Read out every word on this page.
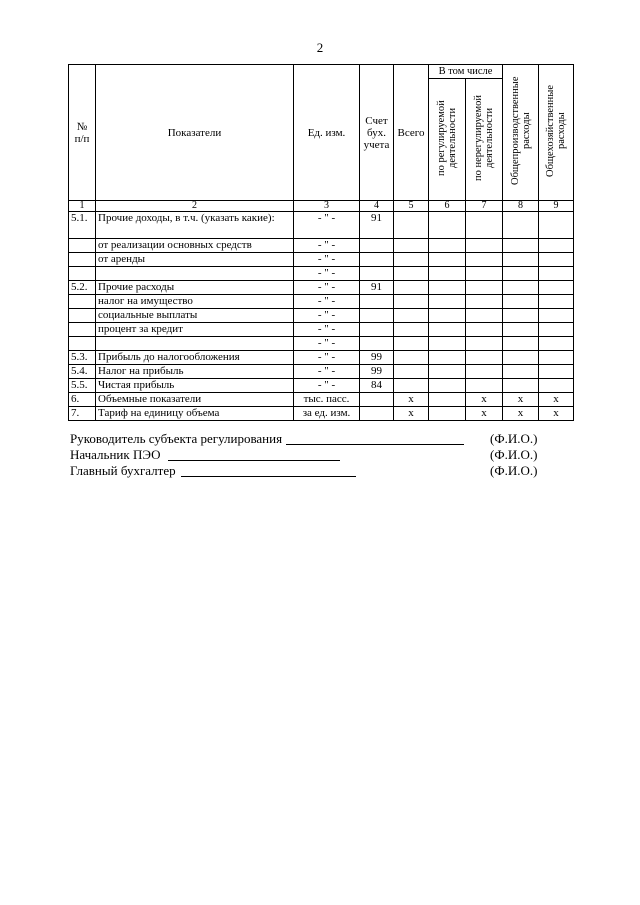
2
№ п/п	Показатели	Ед. изм.	Счет бух. учета	Всего	В том числе		Общепроизводственные расходы	Общехозяйственные расходы
					по регулируемой деятельности	по нерегулируемой деятельности		
1	2	3	4	5	6	7	8	9
5.1.	Прочие доходы, в т.ч. (указать какие):	- " -	91					
	от реализации основных средств	- " -						
	от аренды	- " -						
		- " -						
5.2.	Прочие расходы	- " -	91					
	налог на имущество	- " -						
	социальные выплаты	- " -						
	процент за кредит	- " -						
		- " -						
5.3.	Прибыль до налогообложения	- " -	99					
5.4.	Налог на прибыль	- " -	99					
5.5.	Чистая прибыль	- " -	84					
6.	Объемные показатели	тыс. пасс.		x		x	x	x
7.	Тариф на единицу объема	за ед. изм.		x		x	x	x
Руководитель субъекта регулирования	(Ф.И.О.)
Начальник ПЭО	(Ф.И.О.)
Главный бухгалтер	(Ф.И.О.)
